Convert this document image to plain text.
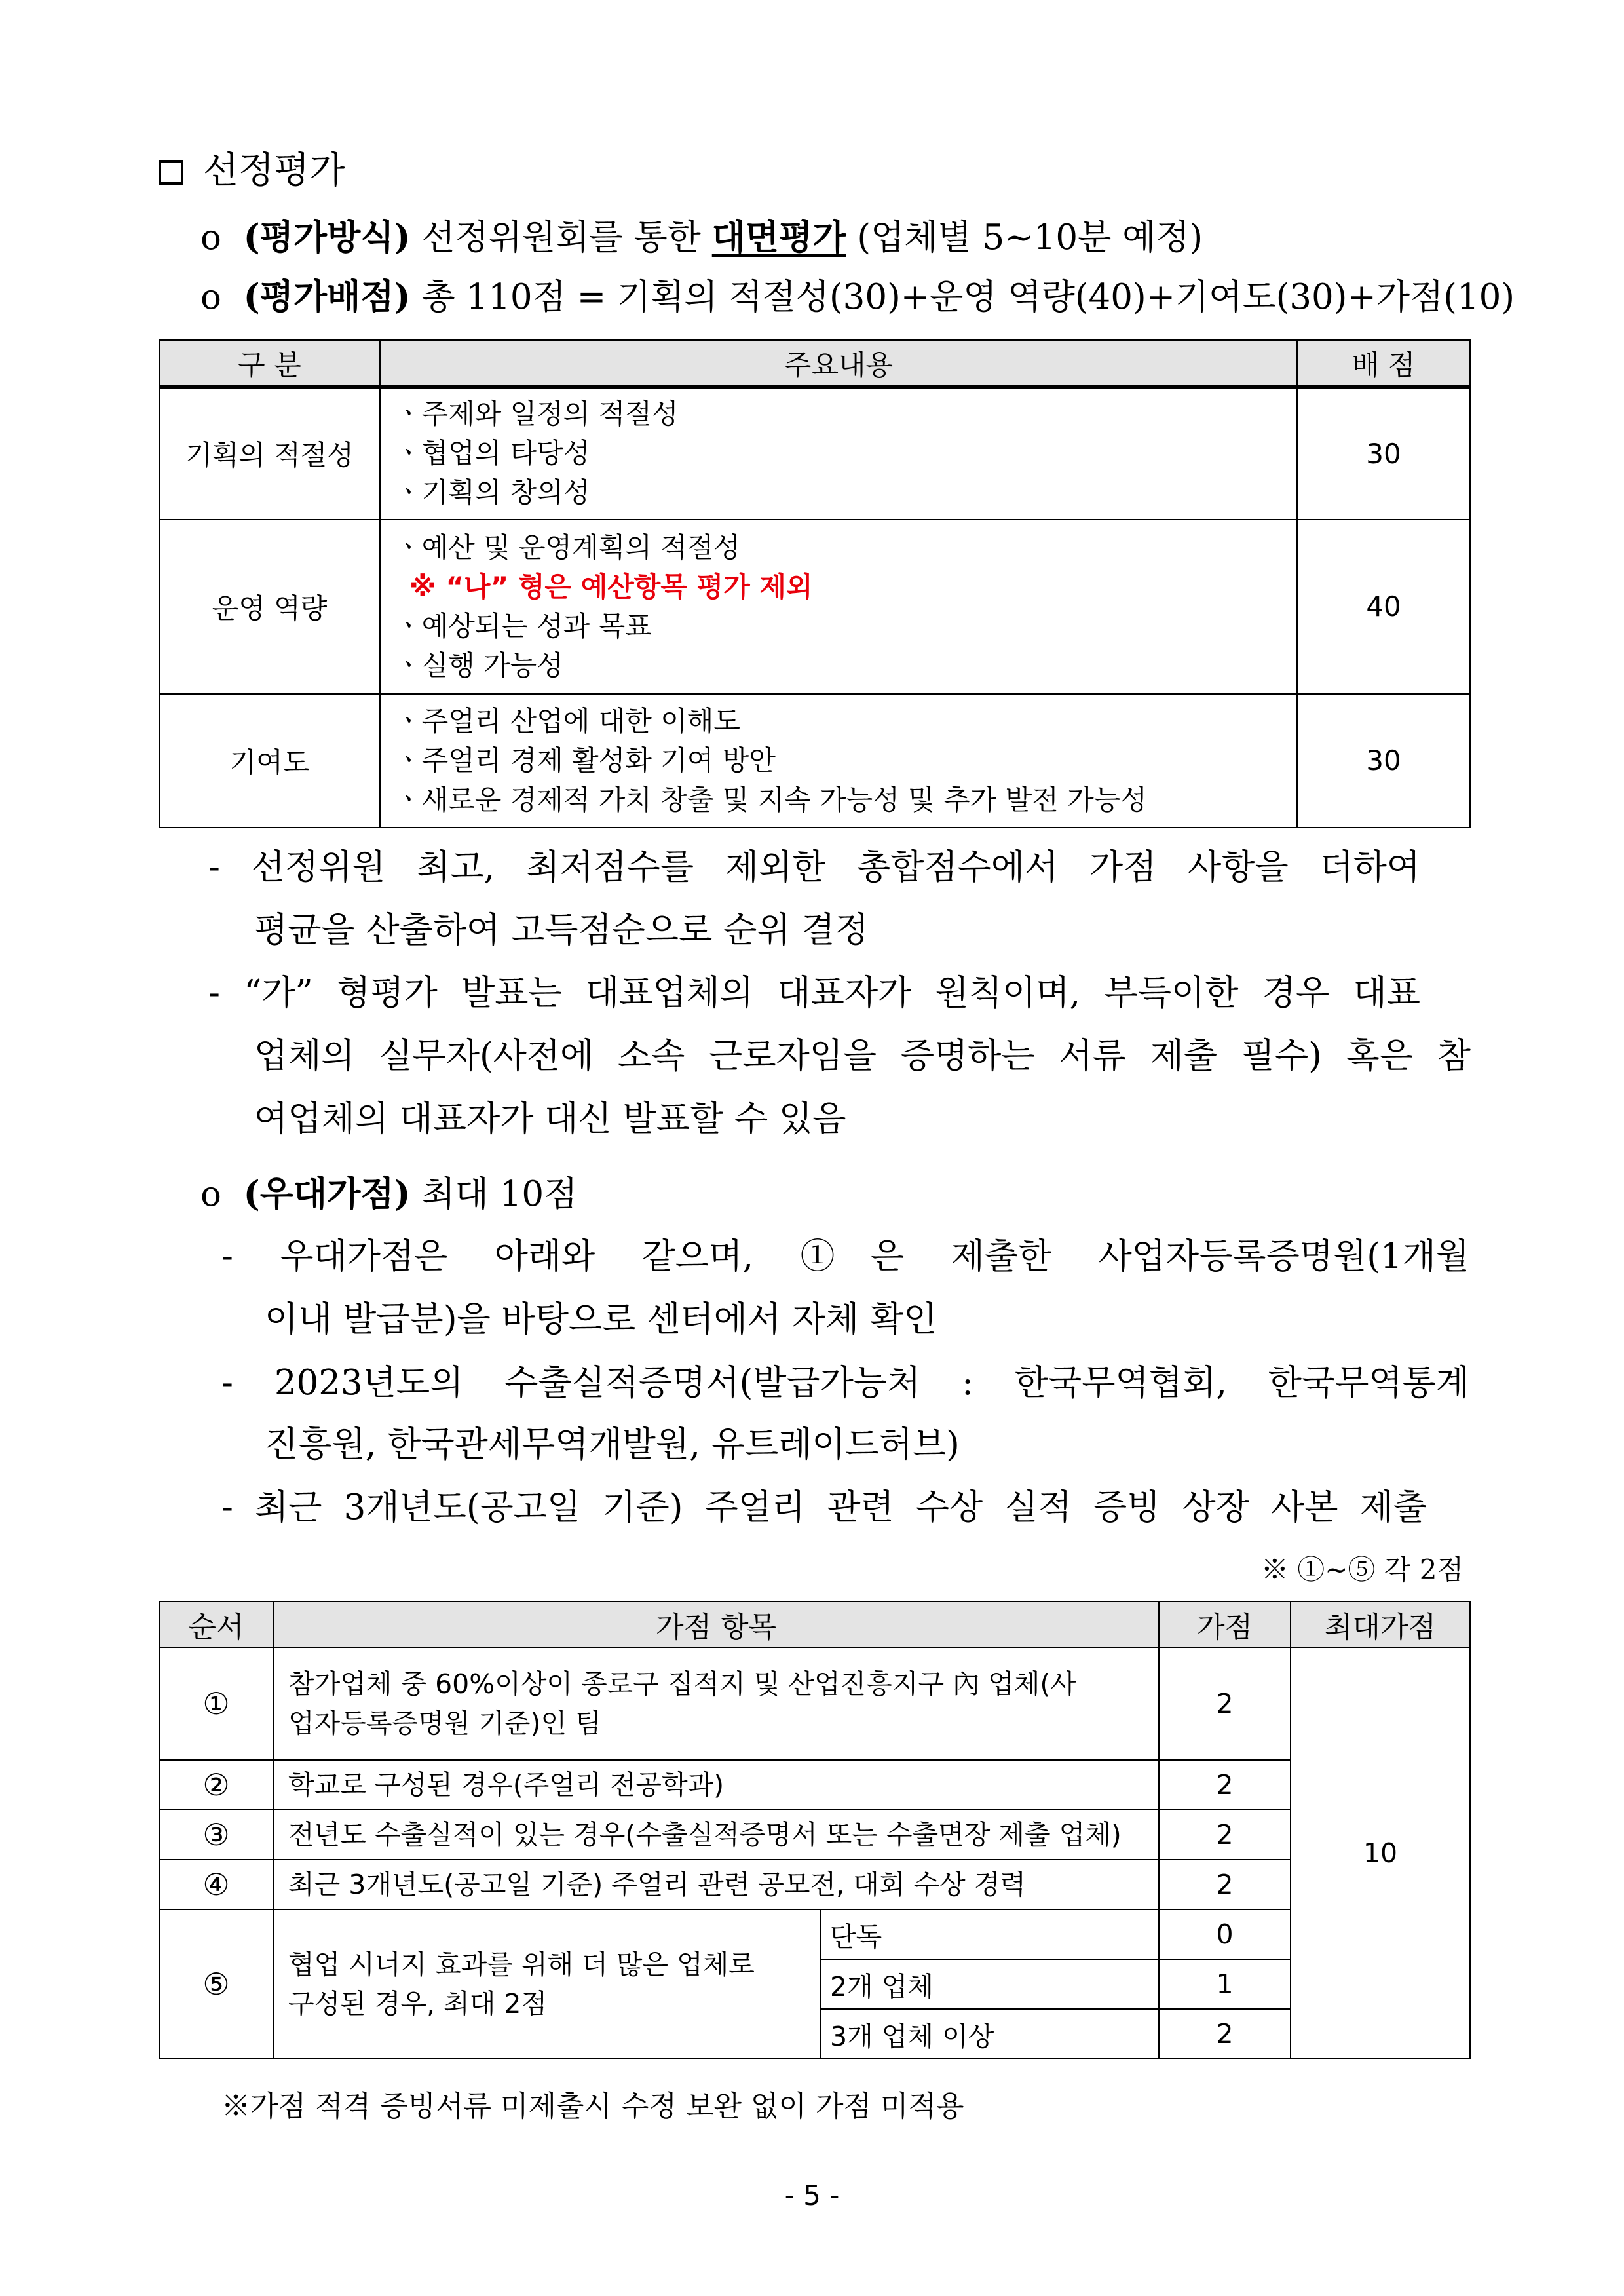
선정평가
o (평가방식) 선정위원회를 통한 대면평가 (업체별 5~10분 예정)
o (평가배점) 총 110점 = 기획의 적절성(30)+운영 역량(40)+기여도(30)+가점(10)
구 분	주요내용	배 점
기획의 적절성	ㆍ주제와 일정의 적절성
ㆍ협업의 타당성
ㆍ기획의 창의성	30
운영 역량	ㆍ예산 및 운영계획의 적절성
※ “나” 형은 예산항목 평가 제외
ㆍ예상되는 성과 목표
ㆍ실행 가능성	40
기여도	ㆍ주얼리 산업에 대한 이해도
ㆍ주얼리 경제 활성화 기여 방안
ㆍ새로운 경제적 가치 창출 및 지속 가능성 및 추가 발전 가능성	30
- 선정위원 최고, 최저점수를 제외한 총합점수에서 가점 사항을 더하여
평균을 산출하여 고득점순으로 순위 결정
- “가” 형평가 발표는 대표업체의 대표자가 원칙이며, 부득이한 경우 대표
업체의 실무자(사전에 소속 근로자임을 증명하는 서류 제출 필수) 혹은 참
여업체의 대표자가 대신 발표할 수 있음
o (우대가점) 최대 10점
- 우대가점은 아래와 같으며, ①은 제출한 사업자등록증명원(1개월
이내 발급분)을 바탕으로 센터에서 자체 확인
- 2023년도의 수출실적증명서(발급가능처 : 한국무역협회, 한국무역통계
진흥원, 한국관세무역개발원, 유트레이드허브)
- 최근 3개년도(공고일 기준) 주얼리 관련 수상 실적 증빙 상장 사본 제출
※ ①~⑤ 각 2점
순서	가점 항목		가점	최대가점
①	참가업체 중 60%이상이 종로구 집적지 및 산업진흥지구 內 업체(사
업자등록증명원 기준)인 팀		2	10
②	학교로 구성된 경우(주얼리 전공학과)		2	
③	전년도 수출실적이 있는 경우(수출실적증명서 또는 수출면장 제출 업체)		2	
④	최근 3개년도(공고일 기준) 주얼리 관련 공모전, 대회 수상 경력		2	
⑤	협업 시너지 효과를 위해 더 많은 업체로
구성된 경우, 최대 2점	단독	0	
		2개 업체	1	
		3개 업체 이상	2	
※가점 적격 증빙서류 미제출시 수정 보완 없이 가점 미적용
- 5 -
